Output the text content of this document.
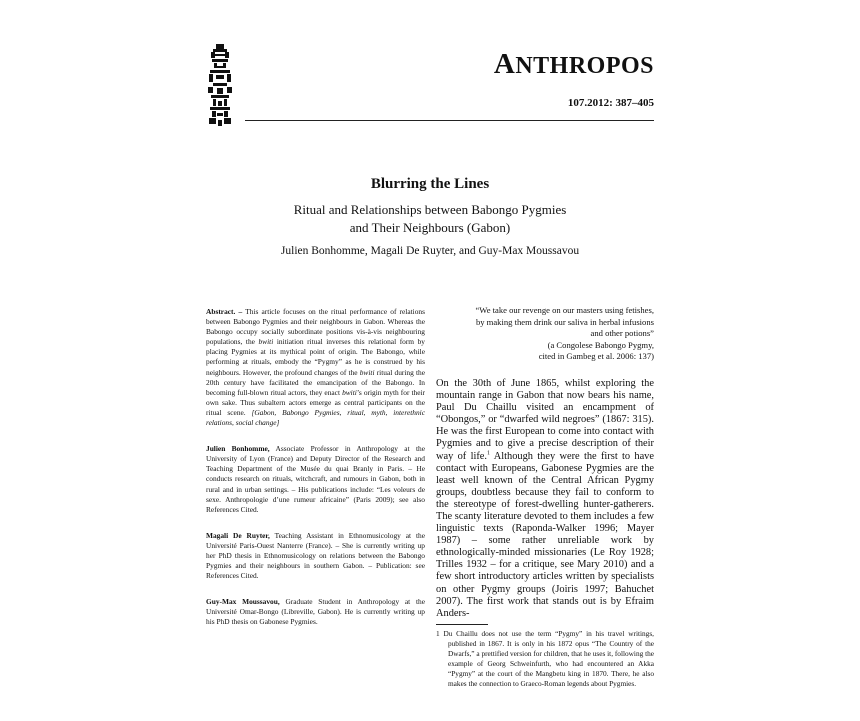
ANTHROPOS
107.2012: 387–405
Blurring the Lines
Ritual and Relationships between Babongo Pygmies
and Their Neighbours (Gabon)
Julien Bonhomme, Magali De Ruyter, and Guy-Max Moussavou

Abstract. – This article focuses on the ritual performance of relations between Babongo Pygmies and their neighbours in Gabon. Whereas the Babongo occupy socially subordinate positions vis-à-vis neighbouring populations, the bwiti initiation ritual inverses this relational form by placing Pygmies at its mythical point of origin. The Babongo, while performing at rituals, embody the “Pygmy” as he is construed by his neighbours. However, the profound changes of the bwiti ritual during the 20th century have facilitated the emancipation of the Babongo. In becoming full-blown ritual actors, they enact bwiti’s origin myth for their own sake. Thus subaltern actors emerge as central participants on the ritual scene. [Gabon, Babongo Pygmies, ritual, myth, interethnic relations, social change]

Julien Bonhomme, Associate Professor in Anthropology at the University of Lyon (France) and Deputy Director of the Research and Teaching Department of the Musée du quai Branly in Paris. – He conducts research on rituals, witchcraft, and rumours in Gabon, both in rural and in urban settings. – His publications include: “Les voleurs de sexe. Anthropologie d’une rumeur africaine” (Paris 2009); see also References Cited.

Magali De Ruyter, Teaching Assistant in Ethnomusicology at the Université Paris-Ouest Nanterre (France). – She is currently writing up her PhD thesis in Ethnomusicology on relations between the Babongo Pygmies and their neighbours in southern Gabon. – Publication: see References Cited.

Guy-Max Moussavou, Graduate Student in Anthropology at the Université Omar-Bongo (Libreville, Gabon). He is currently writing up his PhD thesis on Gabonese Pygmies.

“We take our revenge on our masters using fetishes,
by making them drink our saliva in herbal infusions
and other potions”
(a Congolese Babongo Pygmy,
cited in Gambeg et al. 2006: 137)
On the 30th of June 1865, whilst exploring the mountain range in Gabon that now bears his name, Paul Du Chaillu visited an encampment of “Obongos,” or “dwarfed wild negroes” (1867: 315). He was the first European to come into contact with Pygmies and to give a precise description of their way of life.$^1$ Although they were the first to have contact with Europeans, Gabonese Pygmies are the least well known of the Central African Pygmy groups, doubtless because they fail to conform to the stereotype of forest-dwelling hunter-gatherers. The scanty literature devoted to them includes a few linguistic texts (Raponda-Walker 1996; Mayer 1987) – some rather unreliable work by ethnologically-minded missionaries (Le Roy 1928; Trilles 1932 – for a critique, see Mary 2010) and a few short introductory articles written by specialists on other Pygmy groups (Joiris 1997; Bahuchet 2007). The first work that stands out is by Efraim Anders-
1 Du Chaillu does not use the term “Pygmy” in his travel writings, published in 1867. It is only in his 1872 opus “The Country of the Dwarfs,” a prettified version for children, that he uses it, following the example of Georg Schweinfurth, who had encountered an Akka “Pygmy” at the court of the Mangbetu king in 1870. There, he also makes the connection to Graeco-Roman legends about Pygmies.
